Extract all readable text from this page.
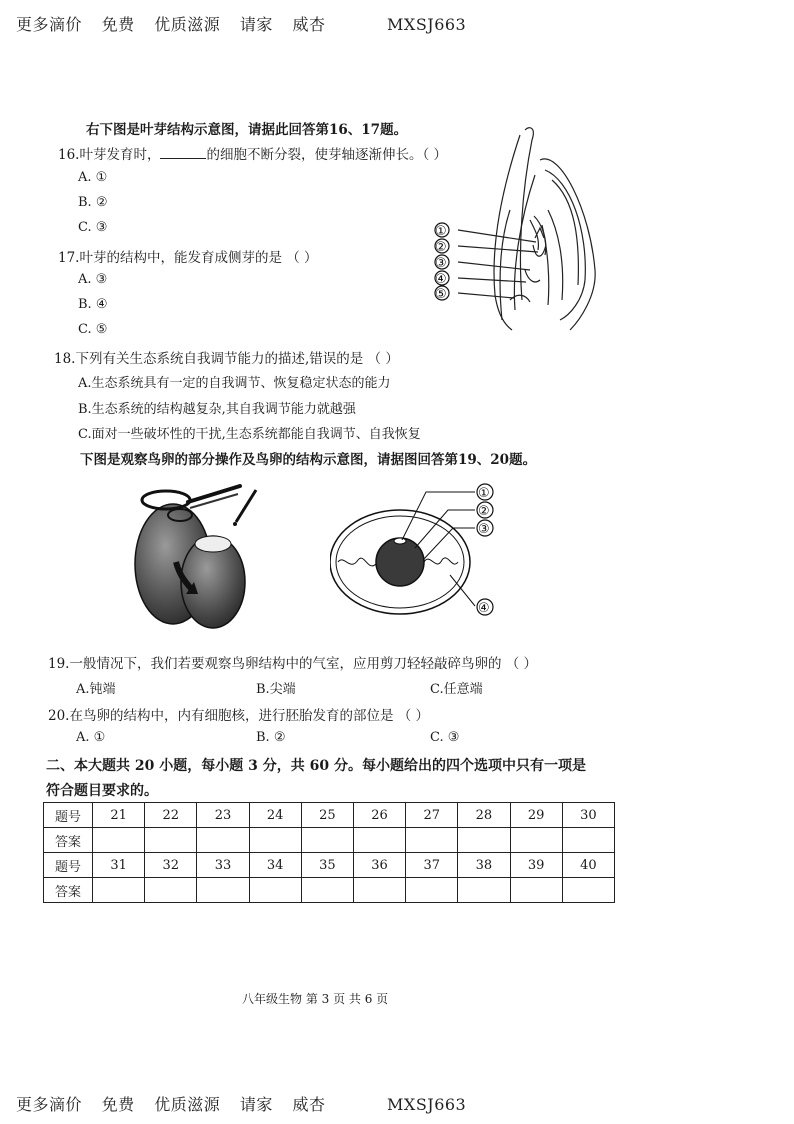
更多滴价 免费 优质滋源 请家 威杏	MXSJ663
右下图是叶芽结构示意图，请据此回答第16、17题。
16.叶芽发育时，	的细胞不断分裂，使芽轴逐渐伸长。（ ）
A. ①
B. ②
C. ③
17.叶芽的结构中，能发育成侧芽的是 （ ）
A. ③
B. ④
C. ⑤
①
②
③
④
⑤
18.下列有关生态系统自我调节能力的描述,错误的是 （ ）
A.生态系统具有一定的自我调节、恢复稳定状态的能力
B.生态系统的结构越复杂,其自我调节能力就越强
C.面对一些破坏性的干扰,生态系统都能自我调节、自我恢复
下图是观察鸟卵的部分操作及鸟卵的结构示意图，请据图回答第19、20题。
①
②
③
④
19.一般情况下，我们若要观察鸟卵结构中的气室，应用剪刀轻轻敲碎鸟卵的 （ ）
A.钝端	B.尖端	C.任意端
20.在鸟卵的结构中，内有细胞核，进行胚胎发育的部位是 （ ）
A. ①	B. ②	C. ③
二、本大题共 20 小题，每小题 3 分，共 60 分。每小题给出的四个选项中只有一项是
符合题目要求的。
题号	21	22	23	24	25	26	27	28	29	30
答案										
题号	31	32	33	34	35	36	37	38	39	40
答案										
八年级生物 第 3 页 共 6 页
更多滴价 免费 优质滋源 请家 威杏	MXSJ663
